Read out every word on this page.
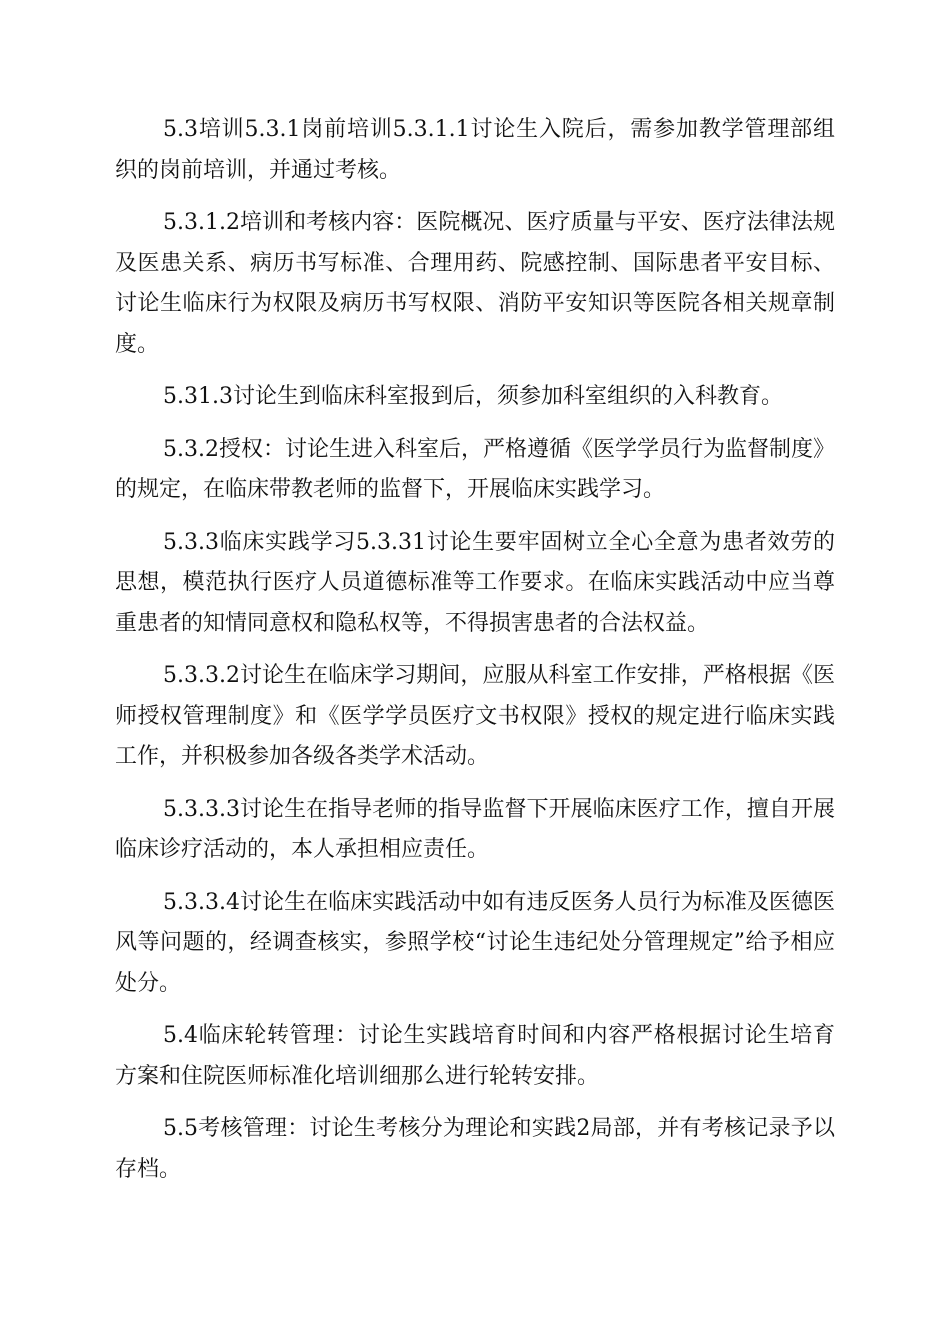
5.3培训5.3.1岗前培训5.3.1.1讨论生入院后，需参加教学管理部组织的岗前培训，并通过考核。

5.3.1.2培训和考核内容：医院概况、医疗质量与平安、医疗法律法规及医患关系、病历书写标准、合理用药、院感控制、国际患者平安目标、讨论生临床行为权限及病历书写权限、消防平安知识等医院各相关规章制度。

5.31.3讨论生到临床科室报到后，须参加科室组织的入科教育。

5.3.2授权：讨论生进入科室后，严格遵循《医学学员行为监督制度》的规定，在临床带教老师的监督下，开展临床实践学习。

5.3.3临床实践学习5.3.31讨论生要牢固树立全心全意为患者效劳的思想，模范执行医疗人员道德标准等工作要求。在临床实践活动中应当尊重患者的知情同意权和隐私权等，不得损害患者的合法权益。

5.3.3.2讨论生在临床学习期间，应服从科室工作安排，严格根据《医师授权管理制度》和《医学学员医疗文书权限》授权的规定进行临床实践工作，并积极参加各级各类学术活动。

5.3.3.3讨论生在指导老师的指导监督下开展临床医疗工作，擅自开展临床诊疗活动的，本人承担相应责任。

5.3.3.4讨论生在临床实践活动中如有违反医务人员行为标准及医德医风等问题的，经调查核实，参照学校“讨论生违纪处分管理规定”给予相应处分。

5.4临床轮转管理：讨论生实践培育时间和内容严格根据讨论生培育方案和住院医师标准化培训细那么进行轮转安排。

5.5考核管理：讨论生考核分为理论和实践2局部，并有考核记录予以存档。
